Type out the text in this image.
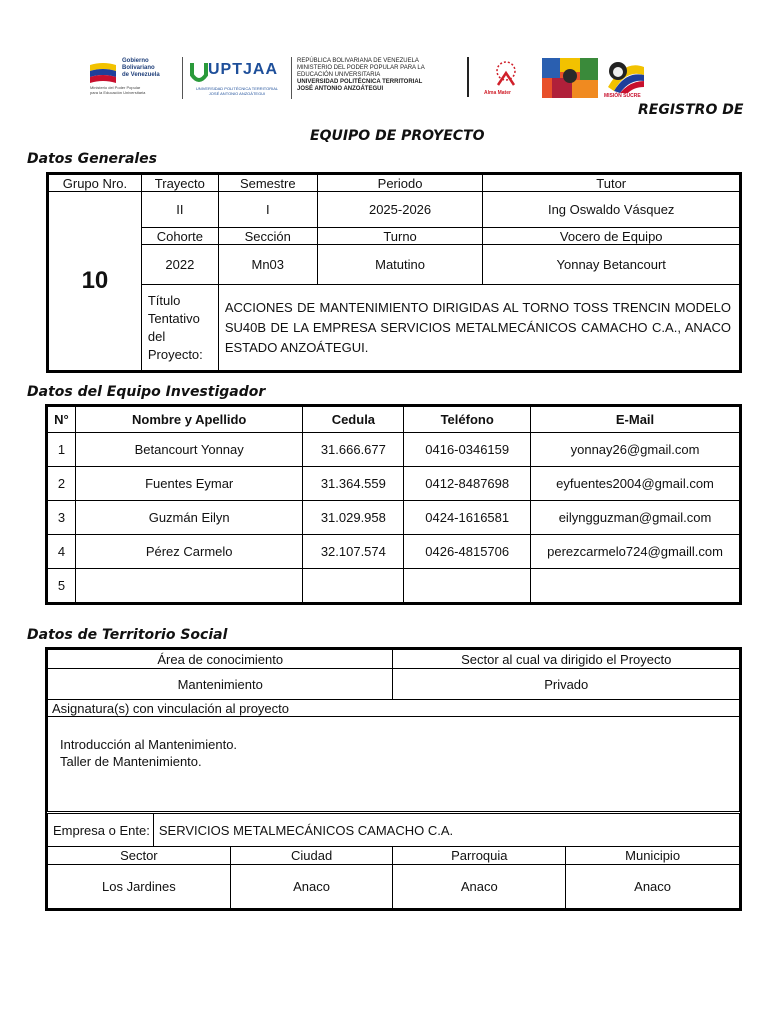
Gobierno
Bolivariano
de Venezuela
Ministerio del Poder Popular
para la Educación Universitaria
UPTJAA
UNIVERSIDAD POLITÉCNICA TERRITORIAL
JOSÉ ANTONIO ANZOÁTEGUI
REPÚBLICA BOLIVARIANA DE VENEZUELA
MINISTERIO DEL PODER POPULAR PARA LA
EDUCACIÓN UNIVERSITARIA
UNIVERSIDAD POLITÉCNICA TERRITORIAL
JOSÉ ANTONIO ANZOÁTEGUI
Alma Mater	MISIÓN SUCRE
REGISTRO DE
EQUIPO DE PROYECTO
Datos Generales
Grupo Nro.	Trayecto	Semestre	Periodo	Tutor
10	II	I	2025-2026	Ing Oswaldo Vásquez
	Cohorte	Sección	Turno	Vocero de Equipo
	2022	Mn03	Matutino	Yonnay Betancourt

	Título
Tentativo
del Proyecto:	ACCIONES DE MANTENIMIENTO DIRIGIDAS AL TORNO TOSS TRENCIN MODELO SU40B DE LA EMPRESA SERVICIOS METALMECÁNICOS CAMACHO C.A., ANACO ESTADO ANZOÁTEGUI.		
Datos del Equipo Investigador
N°	Nombre y Apellido	Cedula	Teléfono	E-Mail
1	Betancourt Yonnay	31.666.677	0416-0346159	yonnay26@gmail.com
2	Fuentes Eymar	31.364.559	0412-8487698	eyfuentes2004@gmail.com
3	Guzmán Eilyn	31.029.958	0424-1616581	eilyngguzman@gmail.com
4	Pérez Carmelo	32.107.574	0426-4815706	perezcarmelo724@gmaill.com
5				
Datos de Territorio Social
Área de conocimiento			Sector al cual va dirigido el Proyecto	
Mantenimiento			Privado	
Asignatura(s) con vinculación al proyecto				

Introducción al Mantenimiento.
Taller de Mantenimiento.				

Empresa o Ente:	SERVICIOS METALMECÁNICOS CAMACHO C.A.			
Sector		Ciudad	Parroquia	Municipio
Los Jardines		Anaco	Anaco	Anaco
